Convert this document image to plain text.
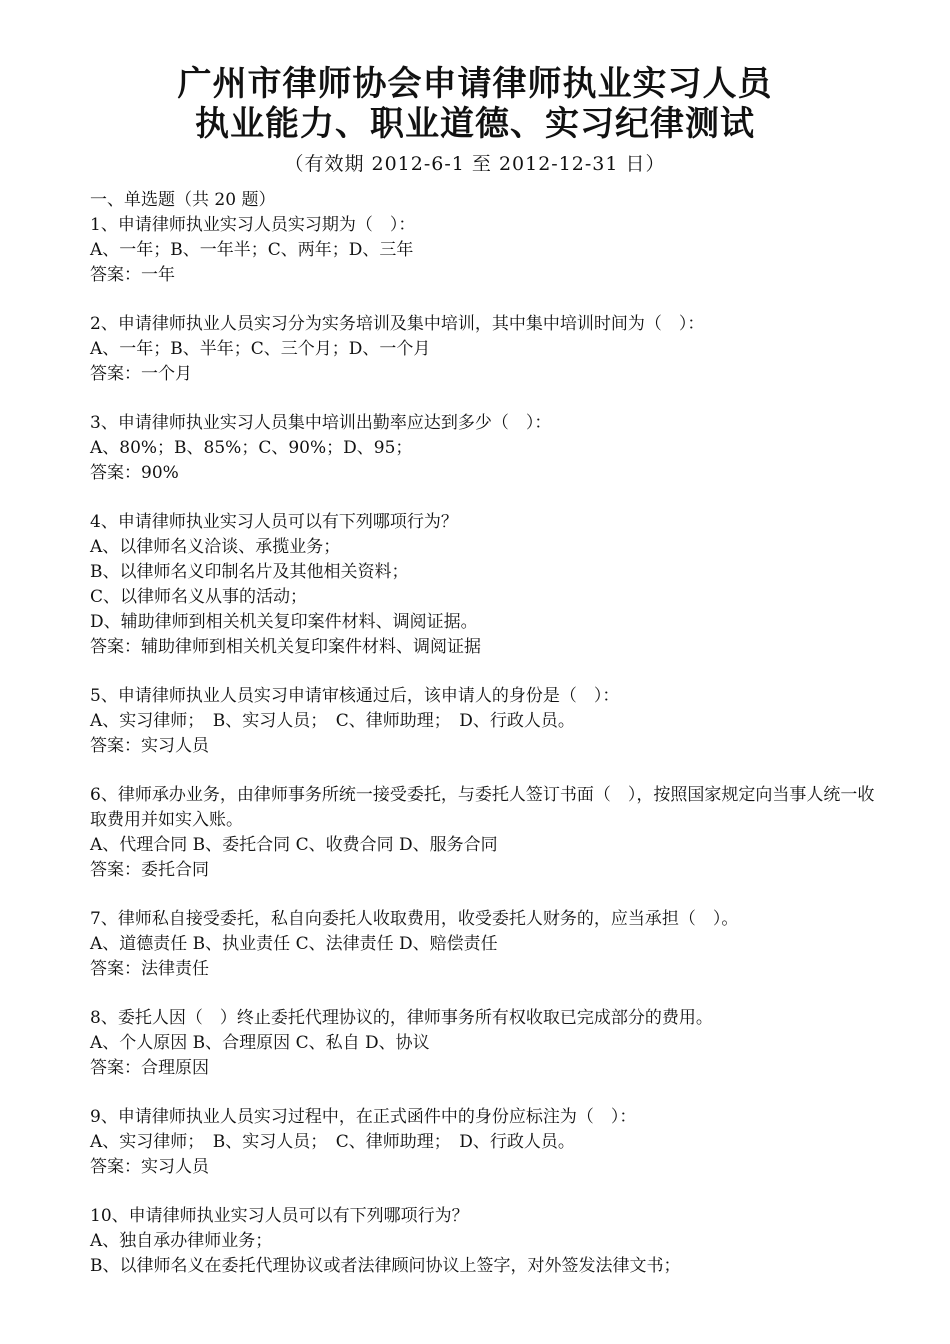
广州市律师协会申请律师执业实习人员
执业能力、职业道德、实习纪律测试
（有效期 2012-6-1 至 2012-12-31 日）
一、单选题（共 20 题）
1、申请律师执业实习人员实习期为（　）：
A、一年；B、一年半；C、两年；D、三年
答案：一年
2、申请律师执业人员实习分为实务培训及集中培训，其中集中培训时间为（　）：
A、一年；B、半年；C、三个月；D、一个月
答案：一个月
3、申请律师执业实习人员集中培训出勤率应达到多少（　）：
A、80%；B、85%；C、90%；D、95；
答案：90%
4、申请律师执业实习人员可以有下列哪项行为？
A、以律师名义洽谈、承揽业务；
B、以律师名义印制名片及其他相关资料；
C、以律师名义从事的活动；
D、辅助律师到相关机关复印案件材料、调阅证据。
答案：辅助律师到相关机关复印案件材料、调阅证据
5、申请律师执业人员实习申请审核通过后，该申请人的身份是（　）：
A、实习律师；　B、实习人员；　C、律师助理；　D、行政人员。
答案：实习人员
6、律师承办业务，由律师事务所统一接受委托，与委托人签订书面（　），按照国家规定向当事人统一收取费用并如实入账。
A、代理合同 B、委托合同 C、收费合同 D、服务合同
答案：委托合同
7、律师私自接受委托，私自向委托人收取费用，收受委托人财务的，应当承担（　）。
A、道德责任 B、执业责任 C、法律责任 D、赔偿责任
答案：法律责任
8、委托人因（　）终止委托代理协议的，律师事务所有权收取已完成部分的费用。
A、个人原因 B、合理原因 C、私自 D、协议
答案：合理原因
9、申请律师执业人员实习过程中，在正式函件中的身份应标注为（　）：
A、实习律师；　B、实习人员；　C、律师助理；　D、行政人员。
答案：实习人员
10、申请律师执业实习人员可以有下列哪项行为？
A、独自承办律师业务；
B、以律师名义在委托代理协议或者法律顾问协议上签字，对外签发法律文书；
